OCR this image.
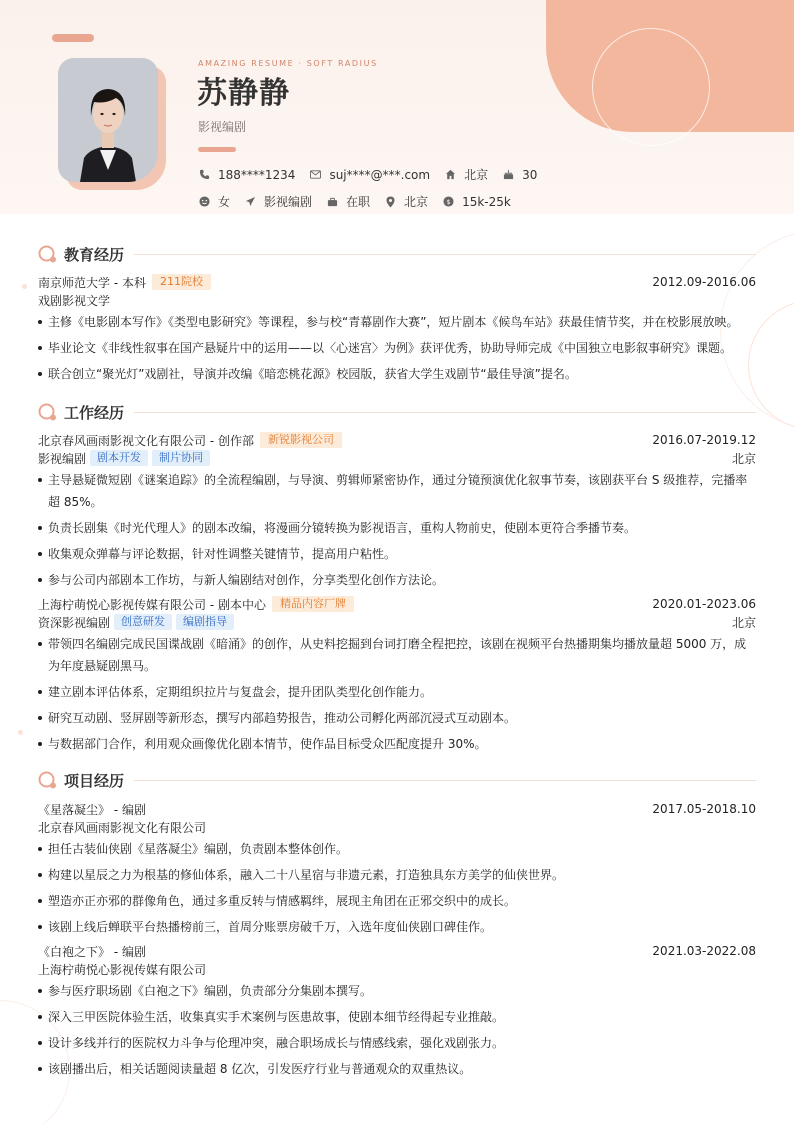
AMAZING RESUME · SOFT RADIUS
苏静静
影视编剧
188****1234	suj****@***.com	北京	30
女	影视编剧	在职	北京	$ 15k-25k
教育经历
南京师范大学 - 本科	211院校	2012.09-2016.06
戏剧影视文学
主修《电影剧本写作》《类型电影研究》等课程，参与校“青幕剧作大赛”，短片剧本《候鸟车站》获最佳情节奖，并在校影展放映。
毕业论文《非线性叙事在国产悬疑片中的运用——以〈心迷宫〉为例》获评优秀，协助导师完成《中国独立电影叙事研究》课题。
联合创立“聚光灯”戏剧社，导演并改编《暗恋桃花源》校园版，获省大学生戏剧节“最佳导演”提名。
工作经历
北京春风画雨影视文化有限公司 - 创作部	新锐影视公司	2016.07-2019.12
影视编剧	剧本开发	制片协同	北京
主导悬疑微短剧《谜案追踪》的全流程编剧，与导演、剪辑师紧密协作，通过分镜预演优化叙事节奏，该剧获平台 S 级推荐，完播率超 85%。
负责长剧集《时光代理人》的剧本改编，将漫画分镜转换为影视语言，重构人物前史，使剧本更符合季播节奏。
收集观众弹幕与评论数据，针对性调整关键情节，提高用户粘性。
参与公司内部剧本工作坊，与新人编剧结对创作，分享类型化创作方法论。
上海柠萌悦心影视传媒有限公司 - 剧本中心	精品内容厂牌	2020.01-2023.06
资深影视编剧	创意研发	编剧指导	北京
带领四名编剧完成民国谍战剧《暗涌》的创作，从史料挖掘到台词打磨全程把控，该剧在视频平台热播期集均播放量超 5000 万，成为年度悬疑剧黑马。
建立剧本评估体系，定期组织拉片与复盘会，提升团队类型化创作能力。
研究互动剧、竖屏剧等新形态，撰写内部趋势报告，推动公司孵化两部沉浸式互动剧本。
与数据部门合作，利用观众画像优化剧本情节，使作品目标受众匹配度提升 30%。
项目经历
《星落凝尘》 - 编剧	2017.05-2018.10
北京春风画雨影视文化有限公司
担任古装仙侠剧《星落凝尘》编剧，负责剧本整体创作。
构建以星辰之力为根基的修仙体系，融入二十八星宿与非遗元素，打造独具东方美学的仙侠世界。
塑造亦正亦邪的群像角色，通过多重反转与情感羁绊，展现主角团在正邪交织中的成长。
该剧上线后蝉联平台热播榜前三，首周分账票房破千万，入选年度仙侠剧口碑佳作。
《白袍之下》 - 编剧	2021.03-2022.08
上海柠萌悦心影视传媒有限公司
参与医疗职场剧《白袍之下》编剧，负责部分分集剧本撰写。
深入三甲医院体验生活，收集真实手术案例与医患故事，使剧本细节经得起专业推敲。
设计多线并行的医院权力斗争与伦理冲突，融合职场成长与情感线索，强化戏剧张力。
该剧播出后，相关话题阅读量超 8 亿次，引发医疗行业与普通观众的双重热议。
